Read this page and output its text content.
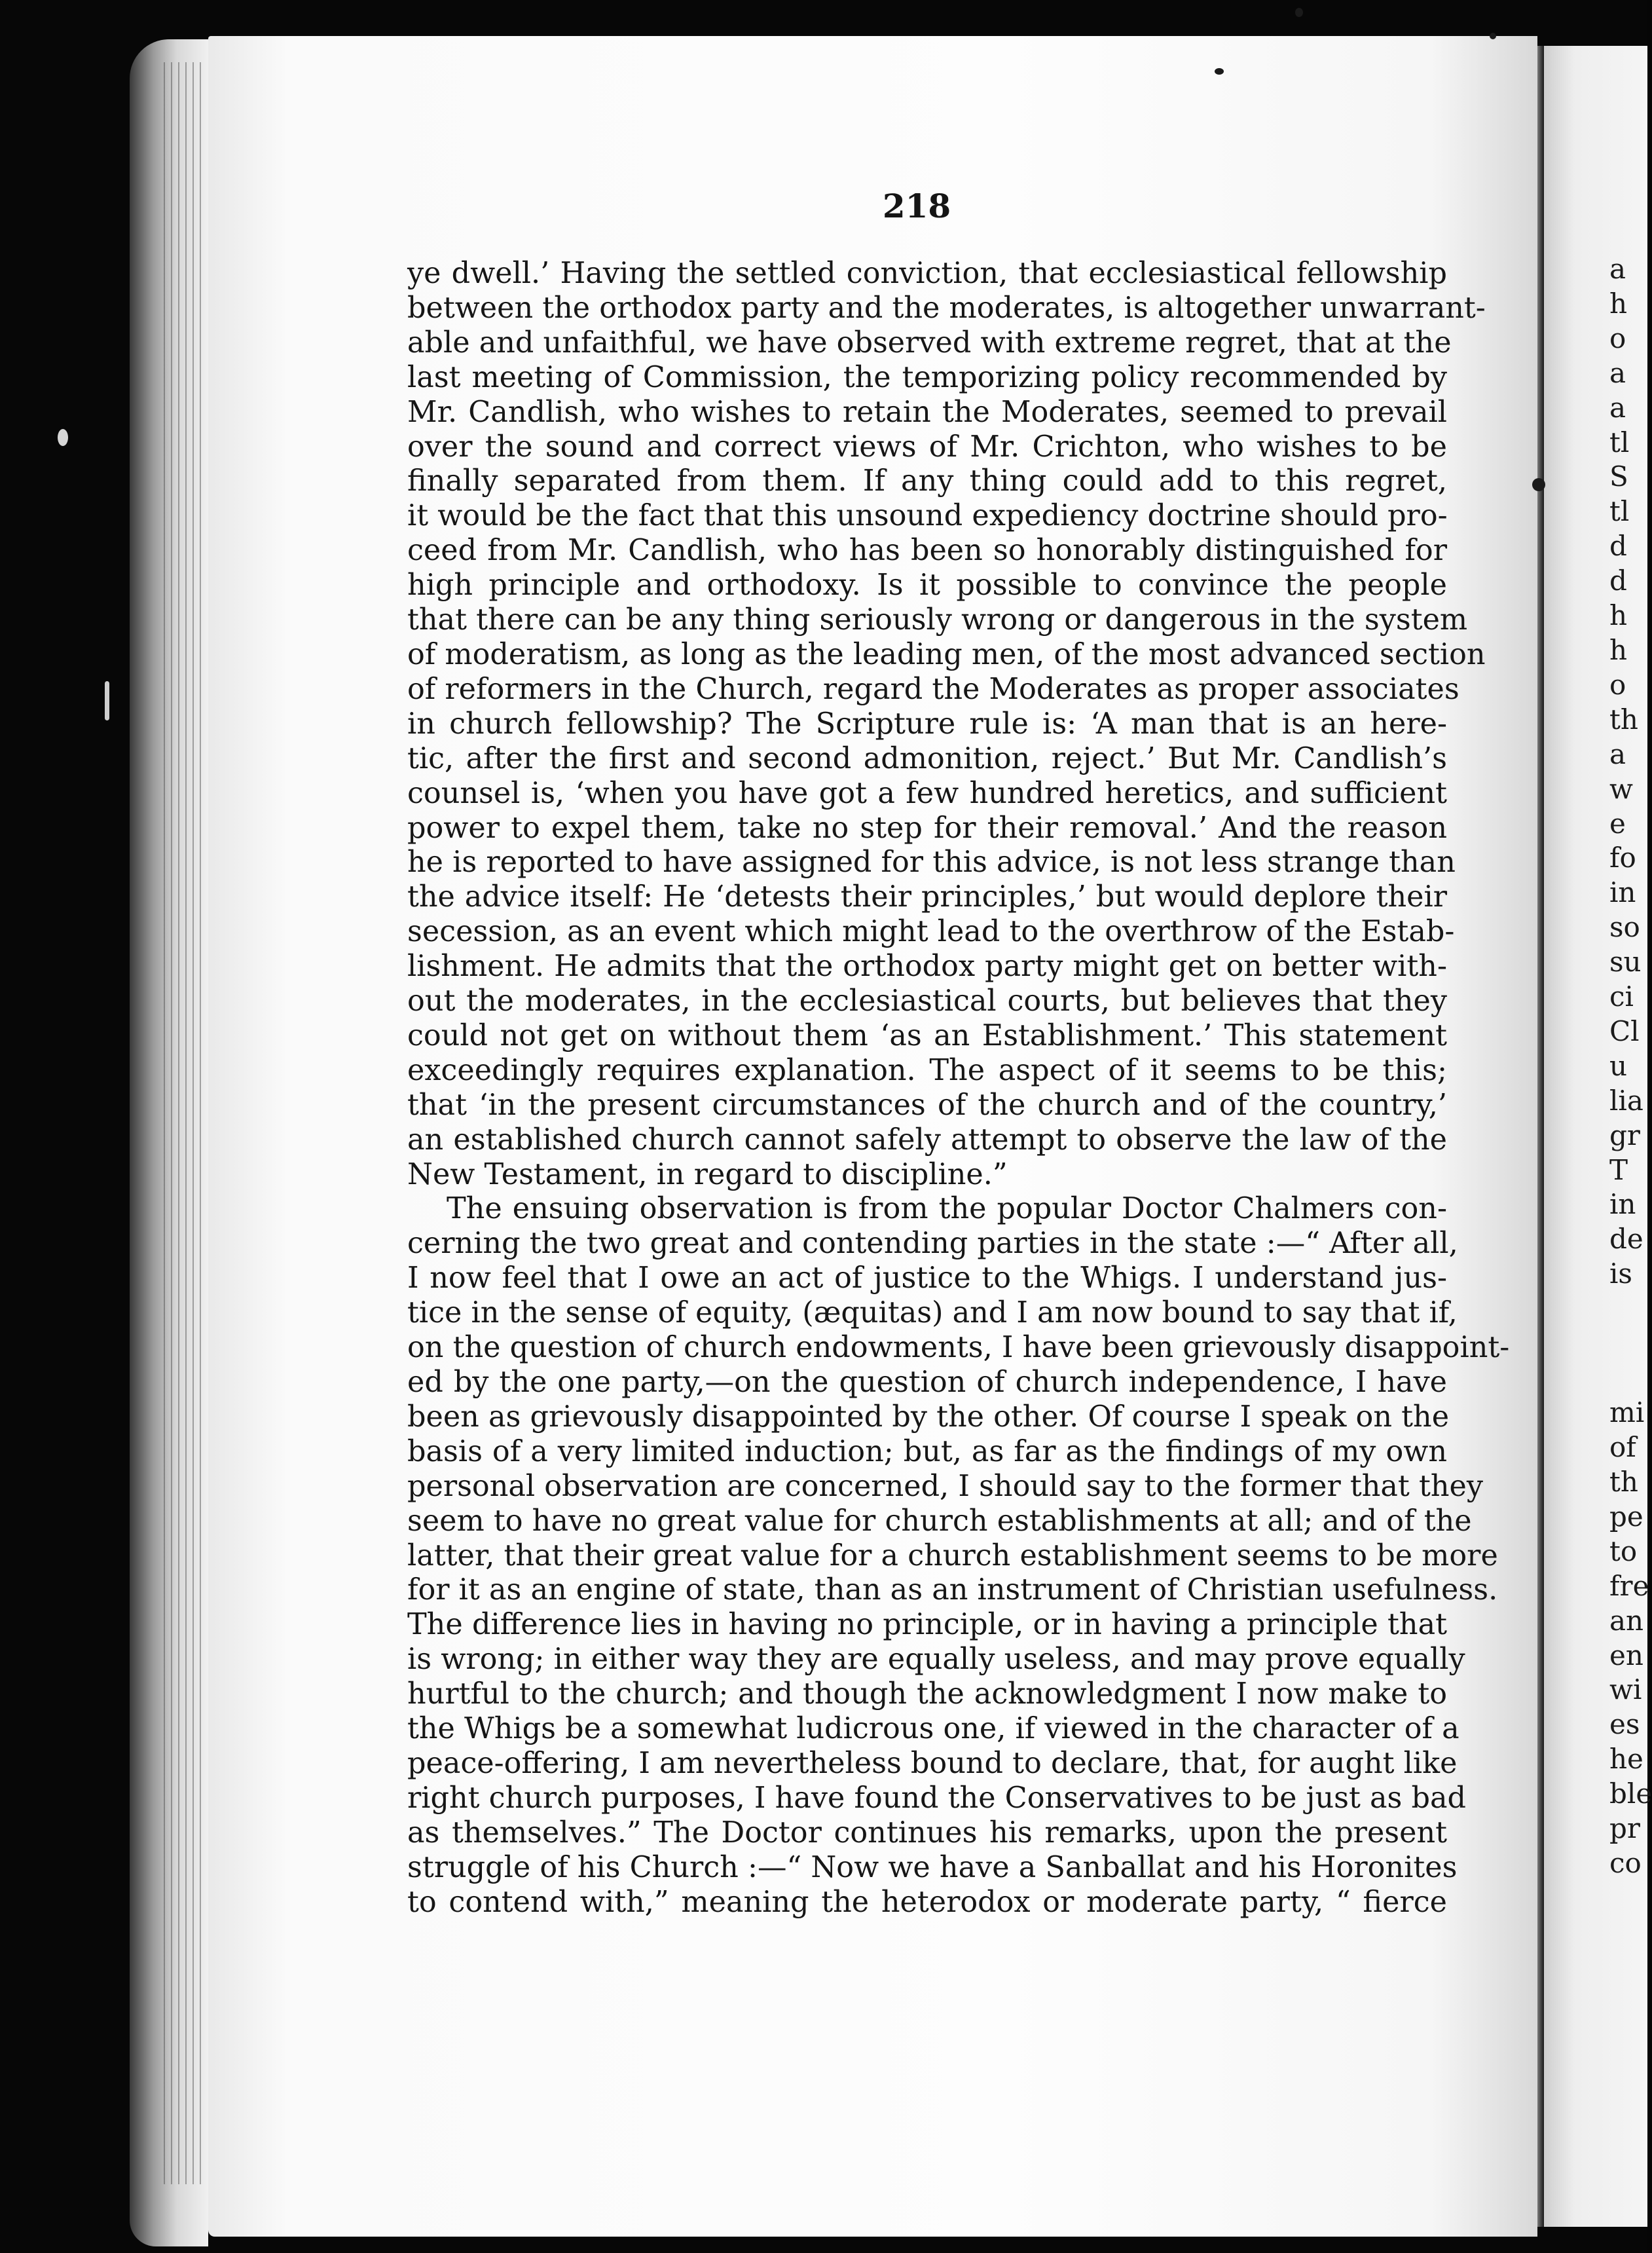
218
ye dwell.’ Having the settled conviction, that ecclesiastical fellowship
between the orthodox party and the moderates, is altogether unwarrant-
able and unfaithful, we have observed with extreme regret, that at the
last meeting of Commission, the temporizing policy recommended by
Mr. Candlish, who wishes to retain the Moderates, seemed to prevail
over the sound and correct views of Mr. Crichton, who wishes to be
finally separated from them. If any thing could add to this regret,
it would be the fact that this unsound expediency doctrine should pro-
ceed from Mr. Candlish, who has been so honorably distinguished for
high principle and orthodoxy. Is it possible to convince the people
that there can be any thing seriously wrong or dangerous in the system
of moderatism, as long as the leading men, of the most advanced section
of reformers in the Church, regard the Moderates as proper associates
in church fellowship? The Scripture rule is: ‘A man that is an here-
tic, after the first and second admonition, reject.’ But Mr. Candlish’s
counsel is, ‘when you have got a few hundred heretics, and sufficient
power to expel them, take no step for their removal.’ And the reason
he is reported to have assigned for this advice, is not less strange than
the advice itself: He ‘detests their principles,’ but would deplore their
secession, as an event which might lead to the overthrow of the Estab-
lishment. He admits that the orthodox party might get on better with-
out the moderates, in the ecclesiastical courts, but believes that they
could not get on without them ‘as an Establishment.’ This statement
exceedingly requires explanation. The aspect of it seems to be this;
that ‘in the present circumstances of the church and of the country,’
an established church cannot safely attempt to observe the law of the
New Testament, in regard to discipline.”
The ensuing observation is from the popular Doctor Chalmers con-
cerning the two great and contending parties in the state :—“ After all,
I now feel that I owe an act of justice to the Whigs. I understand jus-
tice in the sense of equity, (æquitas) and I am now bound to say that if,
on the question of church endowments, I have been grievously disappoint-
ed by the one party,—on the question of church independence, I have
been as grievously disappointed by the other. Of course I speak on the
basis of a very limited induction; but, as far as the findings of my own
personal observation are concerned, I should say to the former that they
seem to have no great value for church establishments at all; and of the
latter, that their great value for a church establishment seems to be more
for it as an engine of state, than as an instrument of Christian usefulness.
The difference lies in having no principle, or in having a principle that
is wrong; in either way they are equally useless, and may prove equally
hurtful to the church; and though the acknowledgment I now make to
the Whigs be a somewhat ludicrous one, if viewed in the character of a
peace-offering, I am nevertheless bound to declare, that, for aught like
right church purposes, I have found the Conservatives to be just as bad
as themselves.” The Doctor continues his remarks, upon the present
struggle of his Church :—“ Now we have a Sanballat and his Horonites
to contend with,” meaning the heterodox or moderate party, “ fierce
a
h
o
a
a
tl
S
tl
d
d
h
h
o
th
a
w
e
fo
in
so
su
ci
Cl
u
lia
gr
T
in
de
is
mi
of
th
pe
to
fre
an
en
wi
es
he
ble
pr
co
